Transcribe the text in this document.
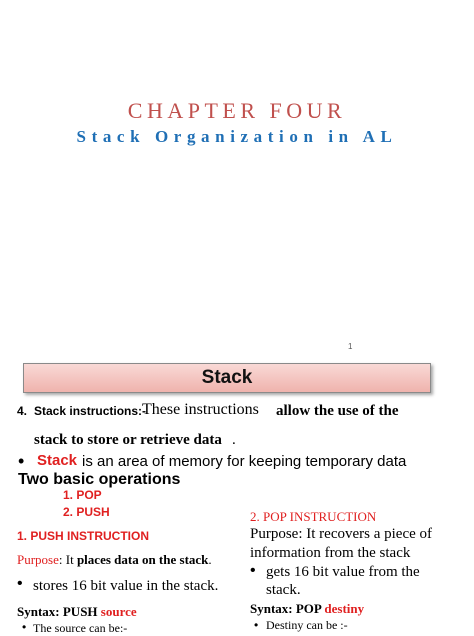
CHAPTER FOUR
Stack Organization in AL
1
Stack
4. Stack instructions:-
These instructions allow the use of the
stack to store or retrieve data .
• Stack is an area of memory for keeping temporary data
Two basic operations
1. POP
2. PUSH
1. PUSH INSTRUCTION
Purpose: It places data on the stack.
• stores 16 bit value in the stack.
Syntax: PUSH source
• The source can be:-
2. POP INSTRUCTION
Purpose: It recovers a piece of
information from the stack
• gets 16 bit value from the
stack.
Syntax: POP destiny
• Destiny can be :-
